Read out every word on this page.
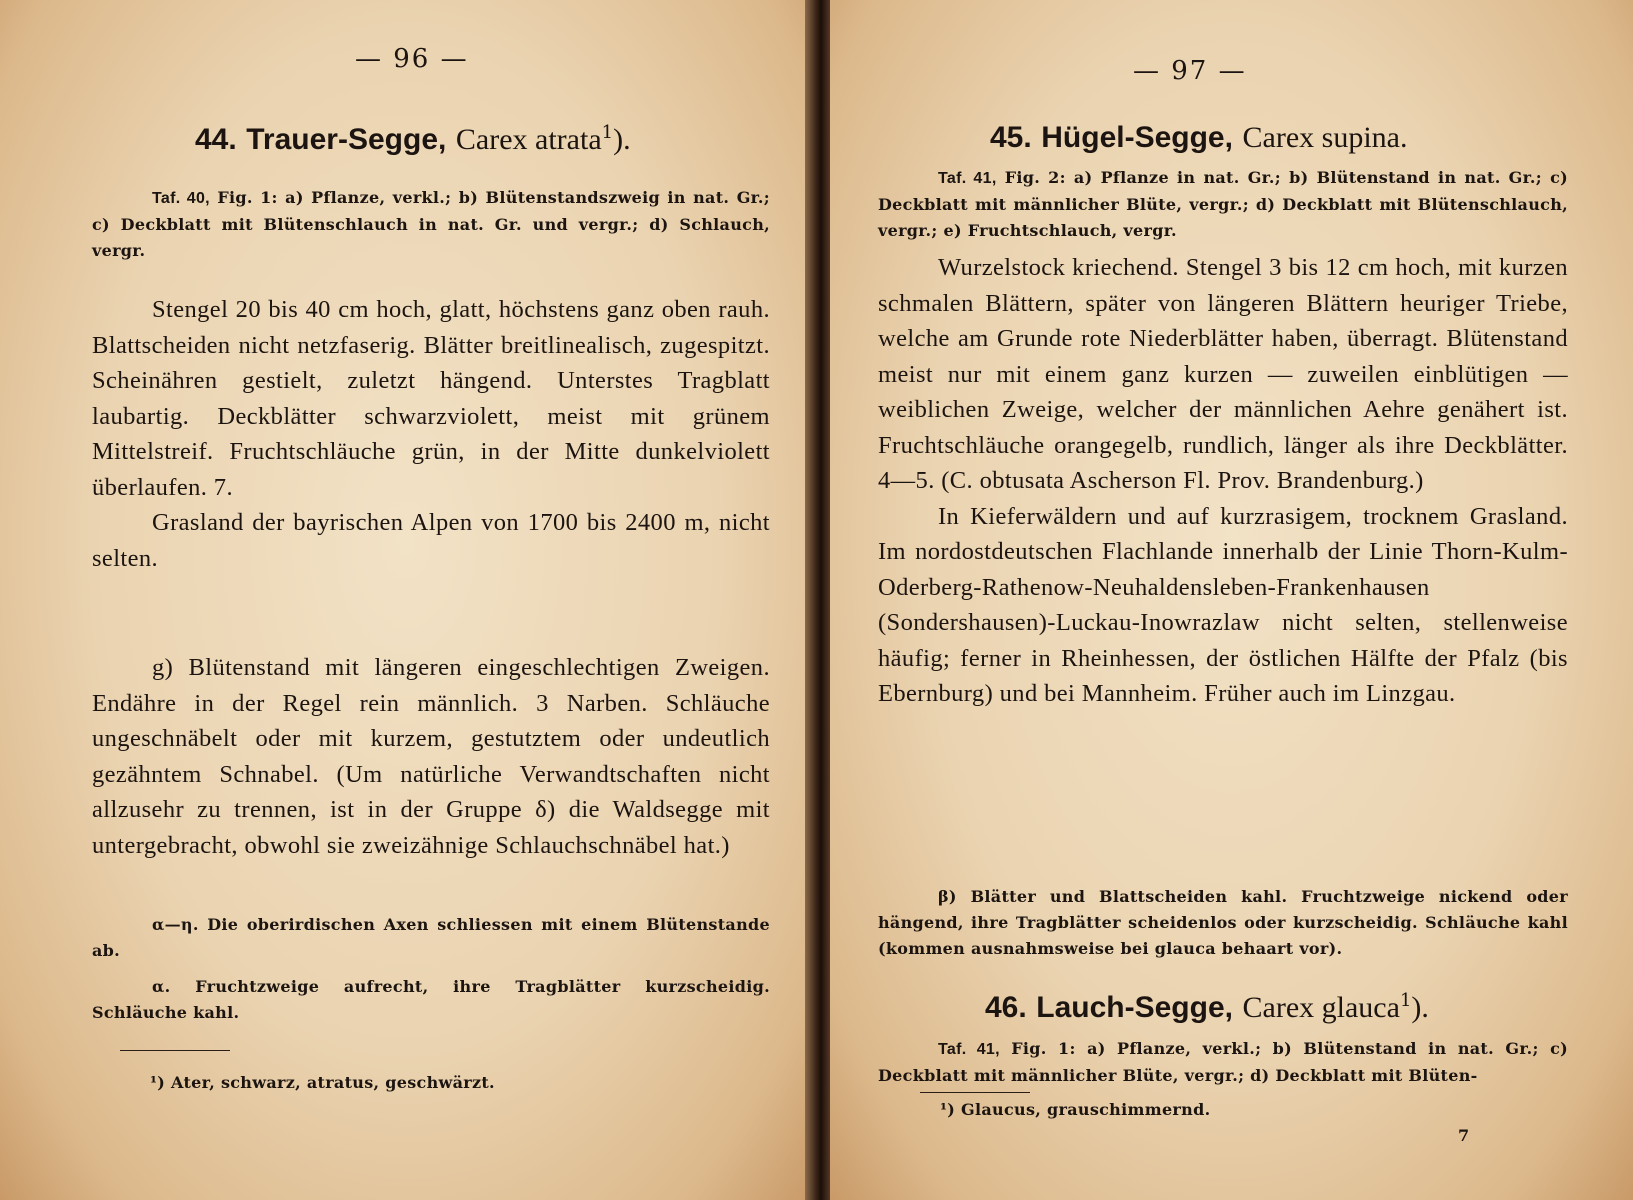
— 96 —
44. Trauer-Segge, Carex atrata$^1$).
Taf. 40, Fig. 1: a) Pflanze, verkl.; b) Blütenstandszweig in nat. Gr.; c) Deckblatt mit Blütenschlauch in nat. Gr. und vergr.; d) Schlauch, vergr.

Stengel 20 bis 40 cm hoch, glatt, höchstens ganz oben rauh. Blattscheiden nicht netzfaserig. Blätter breitlinealisch, zugespitzt. Scheinähren gestielt, zuletzt hängend. Unterstes Tragblatt laubartig. Deckblätter schwarzviolett, meist mit grünem Mittelstreif. Fruchtschläuche grün, in der Mitte dunkelviolett überlaufen. 7.

Grasland der bayrischen Alpen von 1700 bis 2400 m, nicht selten.

g) Blütenstand mit längeren eingeschlechtigen Zweigen. Endähre in der Regel rein männlich. 3 Narben. Schläuche ungeschnäbelt oder mit kurzem, gestutztem oder undeutlich gezähntem Schnabel. (Um natürliche Verwandtschaften nicht allzusehr zu trennen, ist in der Gruppe δ) die Waldsegge mit untergebracht, obwohl sie zweizähnige Schlauchschnäbel hat.)

α—η. Die oberirdischen Axen schliessen mit einem Blütenstande ab.
α. Fruchtzweige aufrecht, ihre Tragblätter kurzscheidig. Schläuche kahl.
¹) Ater, schwarz, atratus, geschwärzt.
— 97 —
45. Hügel-Segge, Carex supina.
Taf. 41, Fig. 2: a) Pflanze in nat. Gr.; b) Blütenstand in nat. Gr.; c) Deckblatt mit männlicher Blüte, vergr.; d) Deckblatt mit Blütenschlauch, vergr.; e) Fruchtschlauch, vergr.

Wurzelstock kriechend. Stengel 3 bis 12 cm hoch, mit kurzen schmalen Blättern, später von längeren Blättern heuriger Triebe, welche am Grunde rote Niederblätter haben, überragt. Blütenstand meist nur mit einem ganz kurzen — zuweilen einblütigen — weiblichen Zweige, welcher der männlichen Aehre genähert ist. Fruchtschläuche orangegelb, rundlich, länger als ihre Deckblätter. 4—5. (C. obtusata Ascherson Fl. Prov. Brandenburg.)

In Kieferwäldern und auf kurzrasigem, trocknem Grasland. Im nordostdeutschen Flachlande innerhalb der Linie Thorn-Kulm-Oderberg-Rathenow-Neuhaldensleben-Frankenhausen (Sondershausen)-Luckau-Inowrazlaw nicht selten, stellenweise häufig; ferner in Rheinhessen, der östlichen Hälfte der Pfalz (bis Ebernburg) und bei Mannheim. Früher auch im Linzgau.

β) Blätter und Blattscheiden kahl. Fruchtzweige nickend oder hängend, ihre Tragblätter scheidenlos oder kurzscheidig. Schläuche kahl (kommen ausnahmsweise bei glauca behaart vor).
46. Lauch-Segge, Carex glauca$^1$).
Taf. 41, Fig. 1: a) Pflanze, verkl.; b) Blütenstand in nat. Gr.; c) Deckblatt mit männlicher Blüte, vergr.; d) Deckblatt mit Blüten-
¹) Glaucus, grauschimmernd.
7
